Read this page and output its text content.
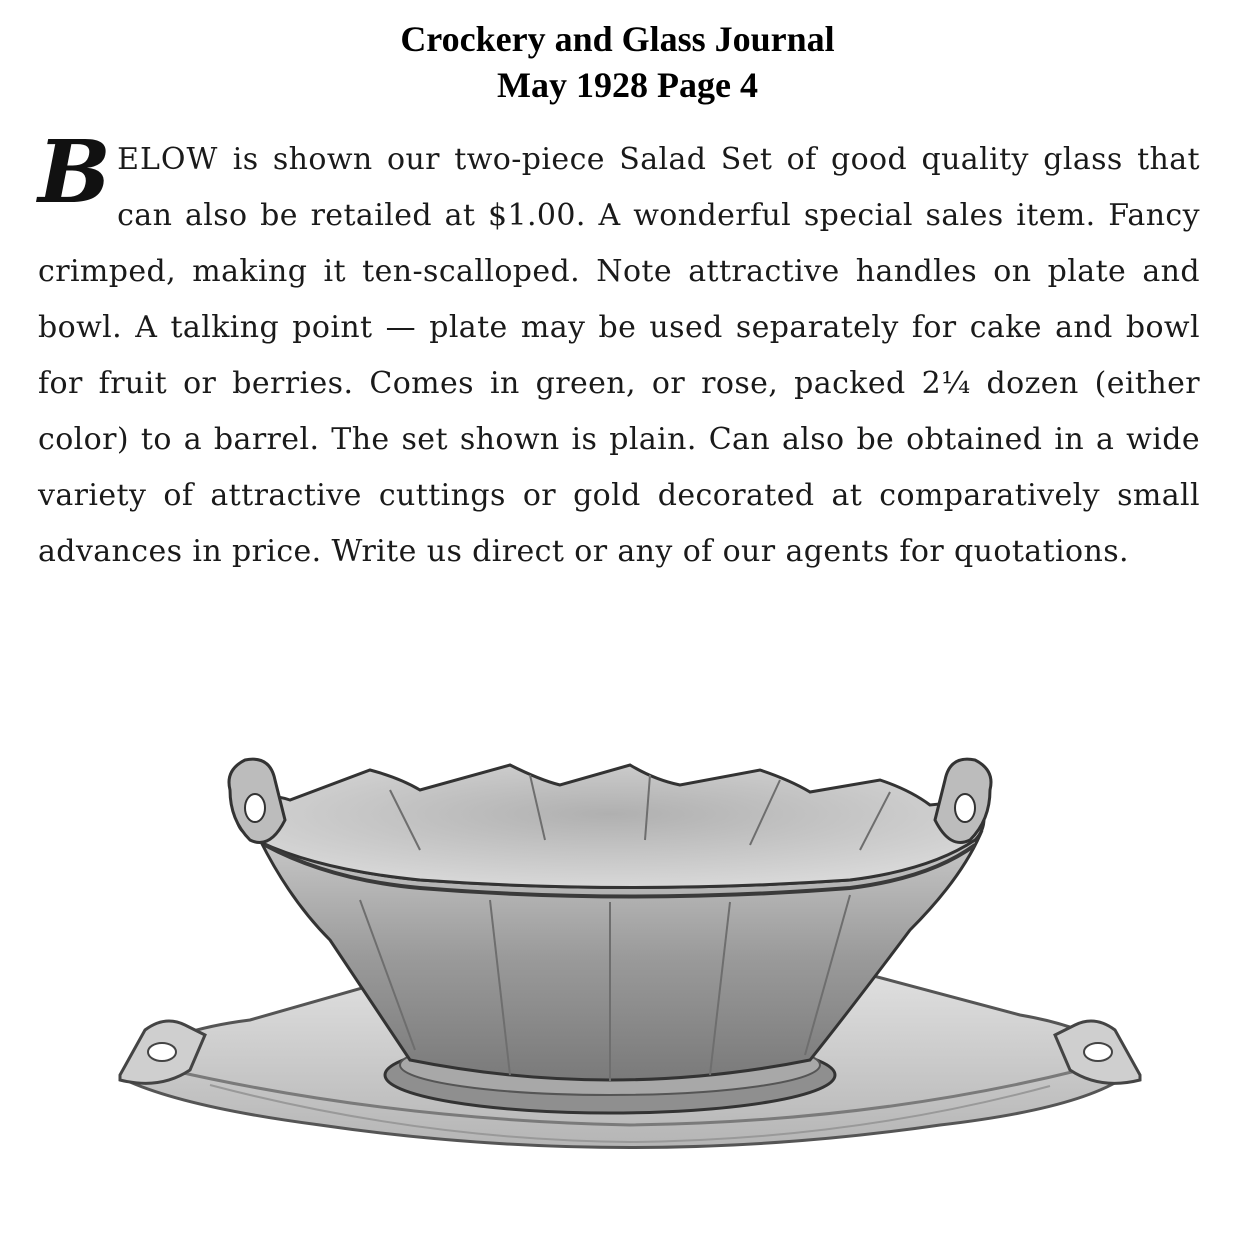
Crockery and Glass Journal
May 1928 Page 4
BELOW is shown our two-piece Salad Set of good quality glass that can also be retailed at $1.00. A wonderful special sales item. Fancy crimped, making it ten-scalloped. Note attractive handles on plate and bowl. A talking point — plate may be used separately for cake and bowl for fruit or berries. Comes in green, or rose, packed 2¼ dozen (either color) to a barrel. The set shown is plain. Can also be obtained in a wide variety of attractive cuttings or gold decorated at comparatively small advances in price. Write us direct or any of our agents for quotations.
